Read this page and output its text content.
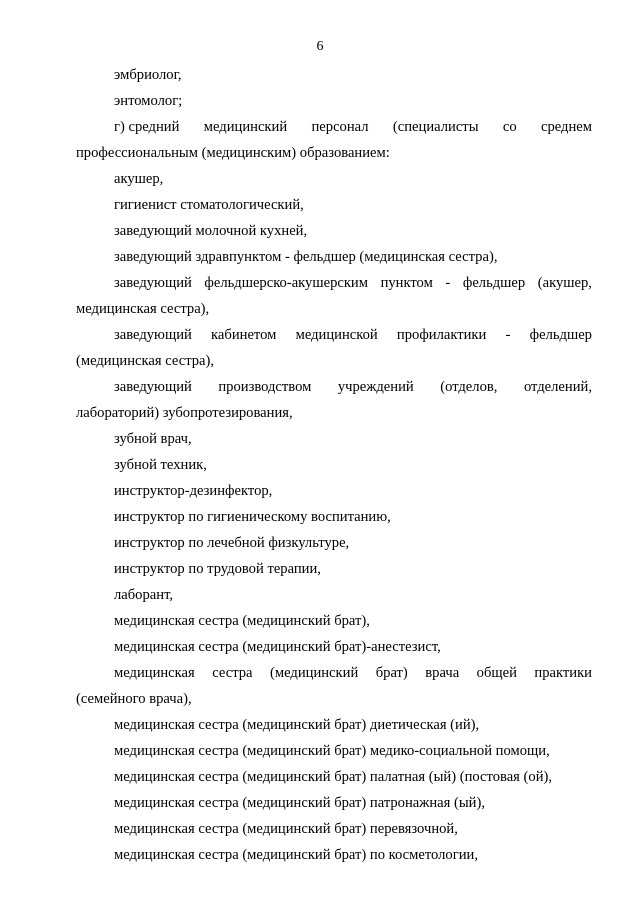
6
эмбриолог,
энтомолог;
г) средний медицинский персонал (специалисты со среднем
профессиональным (медицинским) образованием:
акушер,
гигиенист стоматологический,
заведующий молочной кухней,
заведующий здравпунктом - фельдшер (медицинская сестра),
заведующий фельдшерско-акушерским пунктом - фельдшер (акушер,
медицинская сестра),
заведующий кабинетом медицинской профилактики - фельдшер
(медицинская сестра),
заведующий производством учреждений (отделов, отделений,
лабораторий) зубопротезирования,
зубной врач,
зубной техник,
инструктор-дезинфектор,
инструктор по гигиеническому воспитанию,
инструктор по лечебной физкультуре,
инструктор по трудовой терапии,
лаборант,
медицинская сестра (медицинский брат),
медицинская сестра (медицинский брат)-анестезист,
медицинская сестра (медицинский брат) врача общей практики
(семейного врача),
медицинская сестра (медицинский брат) диетическая (ий),
медицинская сестра (медицинский брат) медико-социальной помощи,
медицинская сестра (медицинский брат) палатная (ый) (постовая (ой),
медицинская сестра (медицинский брат) патронажная (ый),
медицинская сестра (медицинский брат) перевязочной,
медицинская сестра (медицинский брат) по косметологии,
